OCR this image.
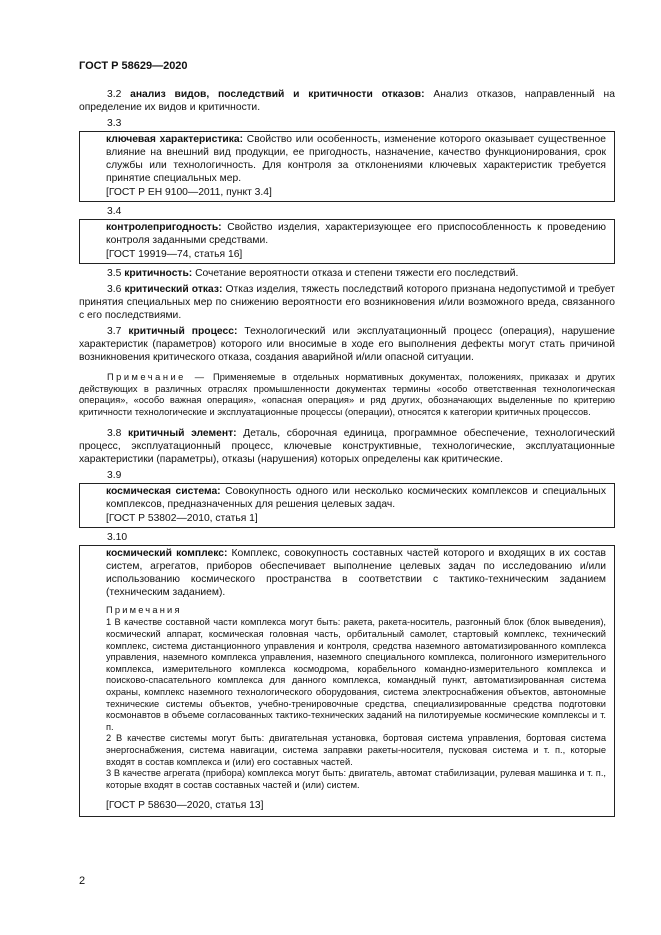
ГОСТ Р 58629—2020

3.2 анализ видов, последствий и критичности отказов: Анализ отказов, направленный на определение их видов и критичности.

3.3

ключевая характеристика: Свойство или особенность, изменение которого оказывает существенное влияние на внешний вид продукции, ее пригодность, назначение, качество функционирования, срок службы или технологичность. Для контроля за отклонениями ключевых характеристик требуется принятие специальных мер.

[ГОСТ Р ЕН 9100—2011, пункт 3.4]

3.4

контролепригодность: Свойство изделия, характеризующее его приспособленность к проведению контроля заданными средствами.

[ГОСТ 19919—74, статья 16]

3.5 критичность: Сочетание вероятности отказа и степени тяжести его последствий.

3.6 критический отказ: Отказ изделия, тяжесть последствий которого признана недопустимой и требует принятия специальных мер по снижению вероятности его возникновения и/или возможного вреда, связанного с его последствиями.

3.7 критичный процесс: Технологический или эксплуатационный процесс (операция), нарушение характеристик (параметров) которого или вносимые в ходе его выполнения дефекты могут стать причиной возникновения критического отказа, создания аварийной и/или опасной ситуации.

Примечание — Применяемые в отдельных нормативных документах, положениях, приказах и других действующих в различных отраслях промышленности документах термины «особо ответственная технологическая операция», «особо важная операция», «опасная операция» и ряд других, обозначающих выделенные по критерию критичности технологические и эксплуатационные процессы (операции), относятся к категории критичных процессов.

3.8 критичный элемент: Деталь, сборочная единица, программное обеспечение, технологический процесс, эксплуатационный процесс, ключевые конструктивные, технологические, эксплуатационные характеристики (параметры), отказы (нарушения) которых определены как критические.

3.9

космическая система: Совокупность одного или несколько космических комплексов и специальных комплексов, предназначенных для решения целевых задач.

[ГОСТ Р 53802—2010, статья 1]

3.10

космический комплекс: Комплекс, совокупность составных частей которого и входящих в их состав систем, агрегатов, приборов обеспечивает выполнение целевых задач по исследованию и/или использованию космического пространства в соответствии с тактико-техническим заданием (техническим заданием).

Примечания

1 В качестве составной части комплекса могут быть: ракета, ракета-носитель, разгонный блок (блок выведения), космический аппарат, космическая головная часть, орбитальный самолет, стартовый комплекс, технический комплекс, система дистанционного управления и контроля, средства наземного автоматизированного комплекса управления, наземного комплекса управления, наземного специального комплекса, полигонного измерительного комплекса, измерительного комплекса космодрома, корабельного командно-измерительного комплекса и поисково-спасательного комплекса для данного комплекса, командный пункт, автоматизированная система охраны, комплекс наземного технологического оборудования, система электроснабжения объектов, автономные технические системы объектов, учебно-тренировочные средства, специализированные средства подготовки космонавтов в объеме согласованных тактико-технических заданий на пилотируемые космические комплексы и т. п.

2 В качестве системы могут быть: двигательная установка, бортовая система управления, бортовая система энергоснабжения, система навигации, система заправки ракеты-носителя, пусковая система и т. п., которые входят в состав комплекса и (или) его составных частей.

3 В качестве агрегата (прибора) комплекса могут быть: двигатель, автомат стабилизации, рулевая машинка и т. п., которые входят в состав составных частей и (или) систем.

[ГОСТ Р 58630—2020, статья 13]

2
